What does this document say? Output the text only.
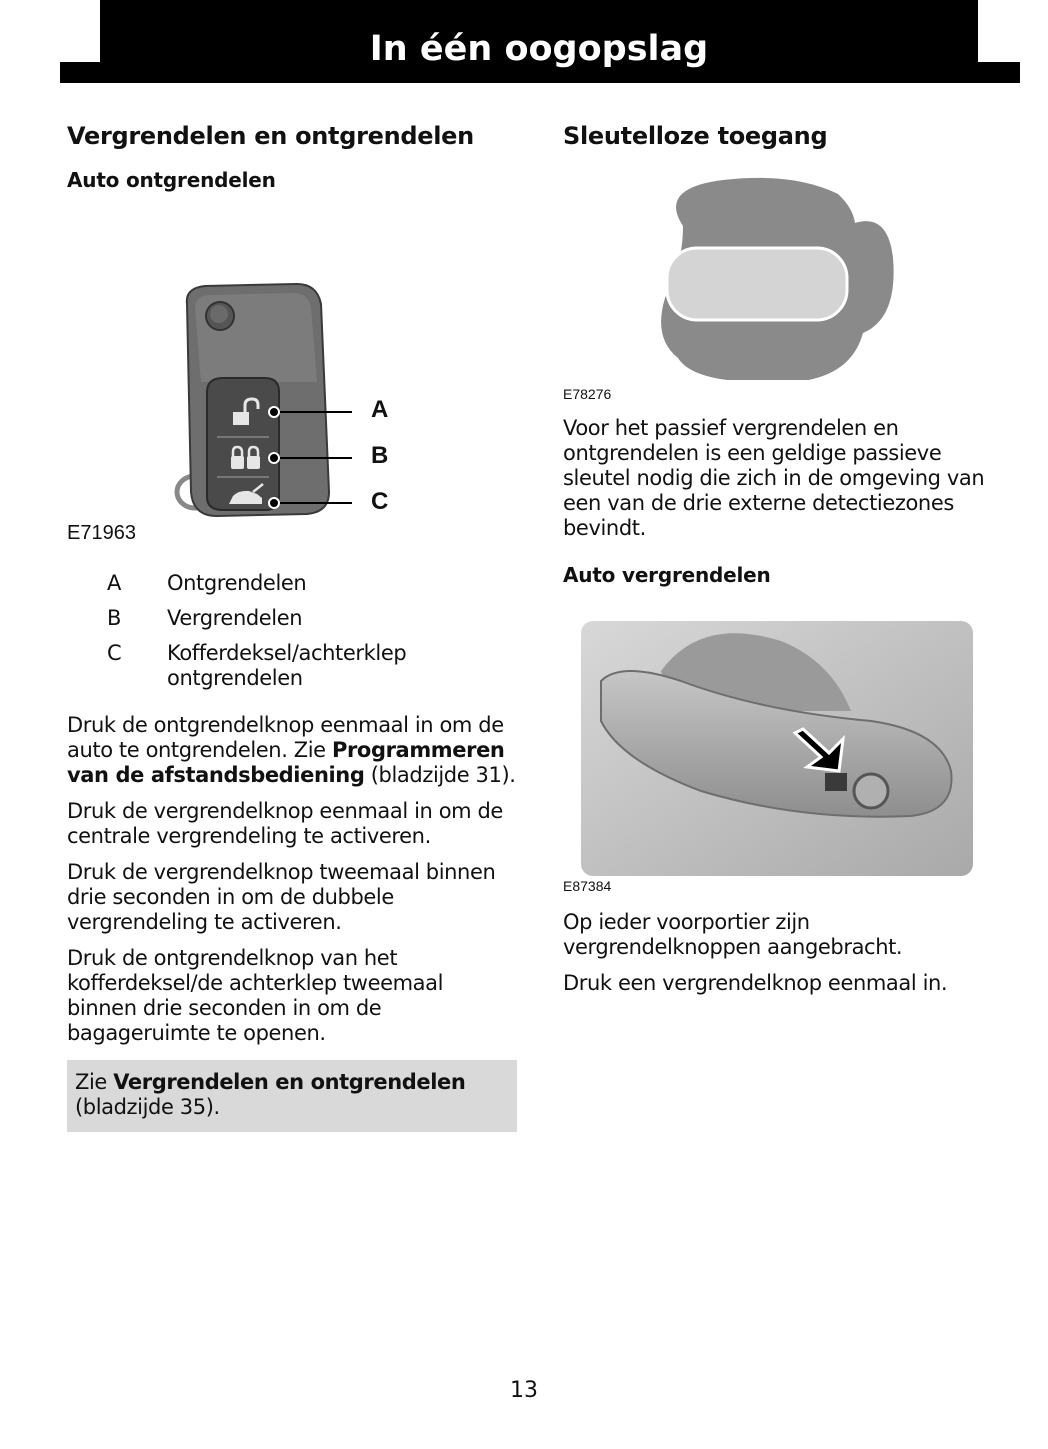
In één oogopslag
Vergrendelen en ontgrendelen
Auto ontgrendelen
A
B
C
E71963
A	Ontgrendelen
B	Vergrendelen
C	Kofferdeksel/achterklep ontgrendelen

Druk de ontgrendelknop eenmaal in om de auto te ontgrendelen. Zie Programmeren van de afstandsbediening (bladzijde 31).

Druk de vergrendelknop eenmaal in om de centrale vergrendeling te activeren.

Druk de vergrendelknop tweemaal binnen drie seconden in om de dubbele vergrendeling te activeren.

Druk de ontgrendelknop van het kofferdeksel/de achterklep tweemaal binnen drie seconden in om de bagageruimte te openen.

Zie Vergrendelen en ontgrendelen (bladzijde 35).
Sleutelloze toegang
E78276

Voor het passief vergrendelen en ontgrendelen is een geldige passieve sleutel nodig die zich in de omgeving van een van de drie externe detectiezones bevindt.

Auto vergrendelen
E87384

Op ieder voorportier zijn vergrendelknoppen aangebracht.

Druk een vergrendelknop eenmaal in.

13
